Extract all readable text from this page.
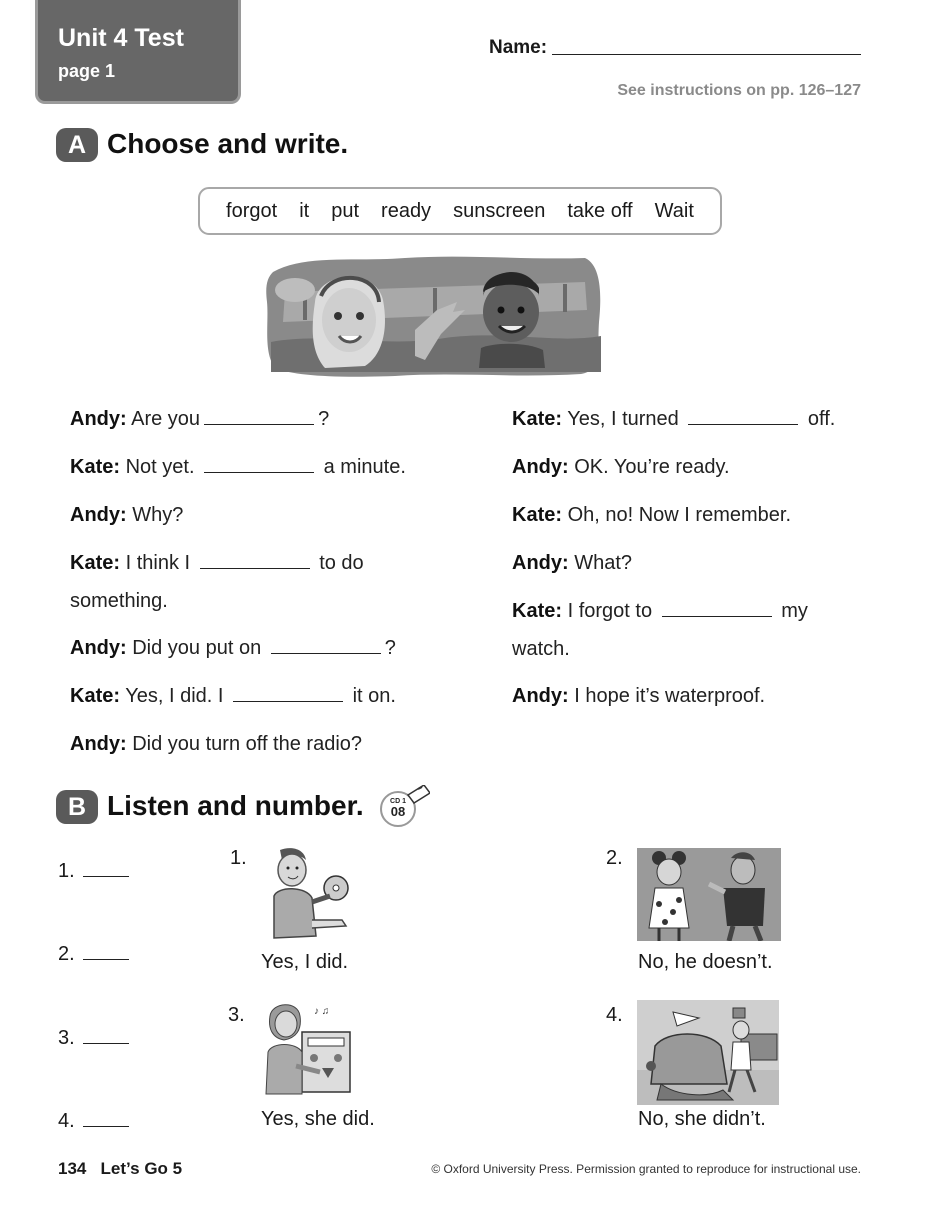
Unit 4 Test
page 1
Name:
See instructions on pp. 126–127
A Choose and write.
forgot it put ready sunscreen take off Wait
Andy: Are you	?
Kate: Not yet.	a minute.
Andy: Why?
Kate: I think I	to do
something.
Andy: Did you put on	?
Kate: Yes, I did. I	it on.
Andy: Did you turn off the radio?
Kate: Yes, I turned	off.
Andy: OK. You’re ready.
Kate: Oh, no! Now I remember.
Andy: What?
Kate: I forgot to	my
watch.
Andy: I hope it’s waterproof.
B Listen and number.	CD 1
08
1.
2.
3.
4.
1.
Yes, I did.
2.
No, he doesn’t.
3.	♪ ♫
Yes, she did.
4.
No, she didn’t.
134 Let’s Go 5	© Oxford University Press. Permission granted to reproduce for instructional use.
